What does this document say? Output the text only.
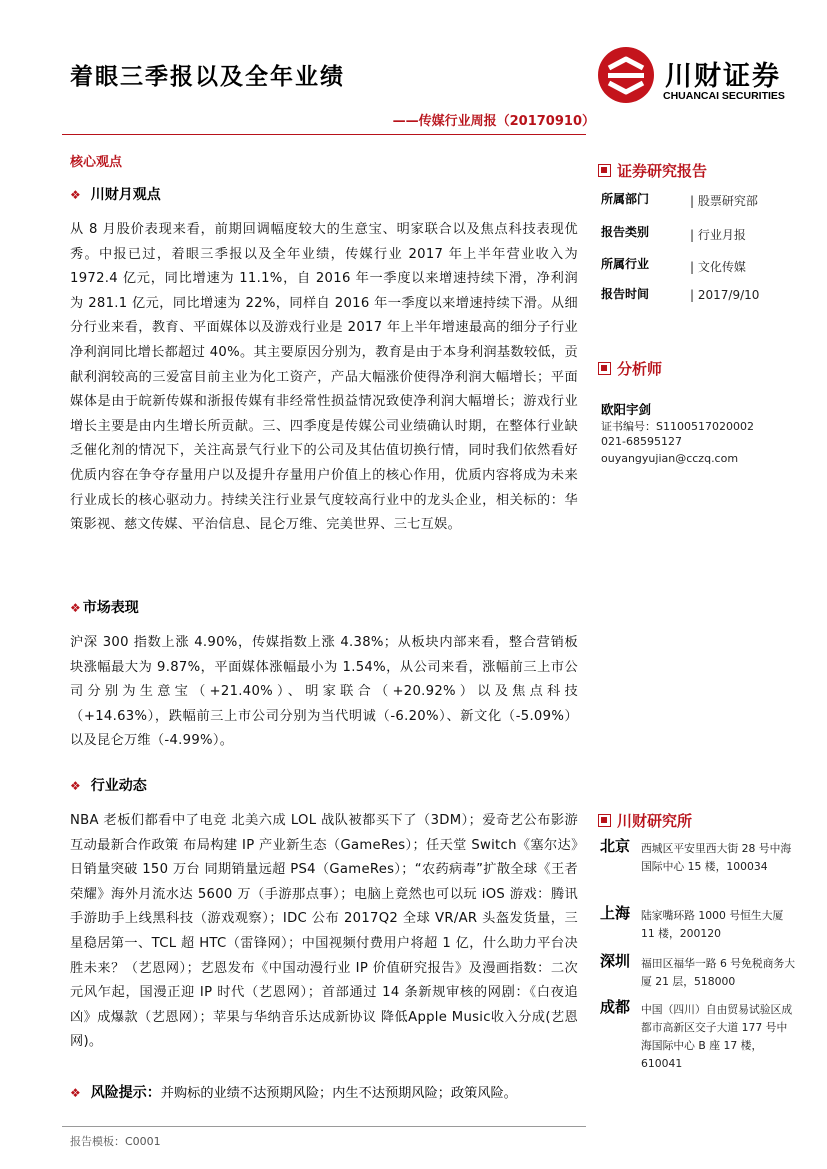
着眼三季报以及全年业绩
——传媒行业周报（20170910）
川财证券
CHUANCAI SECURITIES
核心观点
❖ 川财月观点
从 8 月股价表现来看，前期回调幅度较大的生意宝、明家联合以及焦点科技表现优秀。中报已过，着眼三季报以及全年业绩，传媒行业 2017 年上半年营业收入为 1972.4 亿元，同比增速为 11.1%，自 2016 年一季度以来增速持续下滑，净利润为 281.1 亿元，同比增速为 22%，同样自 2016 年一季度以来增速持续下滑。从细分行业来看，教育、平面媒体以及游戏行业是 2017 年上半年增速最高的细分子行业净利润同比增长都超过 40%。其主要原因分别为，教育是由于本身利润基数较低，贡献利润较高的三爱富目前主业为化工资产，产品大幅涨价使得净利润大幅增长；平面媒体是由于皖新传媒和浙报传媒有非经常性损益情况致使净利润大幅增长；游戏行业增长主要是由内生增长所贡献。三、四季度是传媒公司业绩确认时期，在整体行业缺乏催化剂的情况下，关注高景气行业下的公司及其估值切换行情，同时我们依然看好优质内容在争夺存量用户以及提升存量用户价值上的核心作用，优质内容将成为未来行业成长的核心驱动力。持续关注行业景气度较高行业中的龙头企业，相关标的：华策影视、慈文传媒、平治信息、昆仑万维、完美世界、三七互娱。
❖ 市场表现
沪深 300 指数上涨 4.90%，传媒指数上涨 4.38%；从板块内部来看，整合营销板块涨幅最大为 9.87%，平面媒体涨幅最小为 1.54%，从公司来看，涨幅前三上市公司分别为生意宝（+21.40%）、明家联合（+20.92%）以及焦点科技（+14.63%），跌幅前三上市公司分别为当代明诚（-6.20%）、新文化（-5.09%）以及昆仑万维（-4.99%）。
❖ 行业动态
NBA 老板们都看中了电竞 北美六成 LOL 战队被都买下了（3DM）；爱奇艺公布影游互动最新合作政策 布局构建 IP 产业新生态（GameRes）；任天堂 Switch《塞尔达》日销量突破 150 万台 同期销量远超 PS4（GameRes）；“农药病毒”扩散全球《王者荣耀》海外月流水达 5600 万（手游那点事）；电脑上竟然也可以玩 iOS 游戏：腾讯手游助手上线黑科技（游戏观察）；IDC 公布 2017Q2 全球 VR/AR 头盔发货量，三星稳居第一、TCL 超 HTC（雷锋网）；中国视频付费用户将超 1 亿，什么助力平台决胜未来？（艺恩网）；艺恩发布《中国动漫行业 IP 价值研究报告》及漫画指数：二次元风乍起，国漫正迎 IP 时代（艺恩网）；首部通过 14 条新规审核的网剧：《白夜追凶》成爆款（艺恩网）；苹果与华纳音乐达成新协议 降低Apple Music收入分成(艺恩网)。
❖ 风险提示：并购标的业绩不达预期风险；内生不达预期风险；政策风险。
证券研究报告
所属部门	| 股票研究部
报告类别	| 行业月报
所属行业	| 文化传媒
报告时间	| 2017/9/10
分析师
欧阳宇剑
证书编号：S1100517020002
021-68595127
ouyangyujian@cczq.com
川财研究所
北京 西城区平安里西大街 28 号中海国际中心 15 楼，100034
上海 陆家嘴环路 1000 号恒生大厦 11 楼，200120
深圳 福田区福华一路 6 号免税商务大厦 21 层，518000
成都 中国（四川）自由贸易试验区成都市高新区交子大道 177 号中海国际中心 B 座 17 楼，610041
报告模板：C0001
